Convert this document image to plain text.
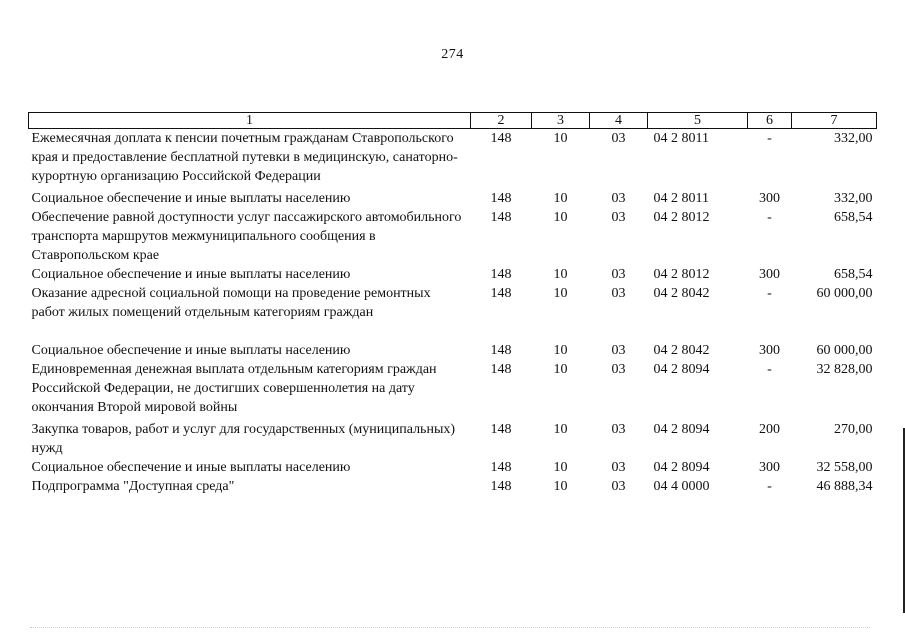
274
1	2	3	4	5	6	7
Ежемесячная доплата к пенсии почетным гражданам Ставропольского края и предоставление бесплатной путевки в медицинскую, санаторно-курортную организацию Российской Федерации	148	10	03	04 2 8011	-	332,00
Социальное обеспечение и иные выплаты населению	148	10	03	04 2 8011	300	332,00
Обеспечение равной доступности услуг пассажирского автомобильного транспорта маршрутов межмуниципального сообщения в Ставропольском крае	148	10	03	04 2 8012	-	658,54
Социальное обеспечение и иные выплаты населению	148	10	03	04 2 8012	300	658,54
Оказание адресной социальной помощи на проведение ремонтных работ жилых помещений отдельным категориям граждан	148	10	03	04 2 8042	-	60 000,00
Социальное обеспечение и иные выплаты населению	148	10	03	04 2 8042	300	60 000,00
Единовременная денежная выплата отдельным категориям граждан Российской Федерации, не достигших совершеннолетия на дату окончания Второй мировой войны	148	10	03	04 2 8094	-	32 828,00
Закупка товаров, работ и услуг для государственных (муниципальных) нужд	148	10	03	04 2 8094	200	270,00
Социальное обеспечение и иные выплаты населению	148	10	03	04 2 8094	300	32 558,00
Подпрограмма "Доступная среда"	148	10	03	04 4 0000	-	46 888,34
